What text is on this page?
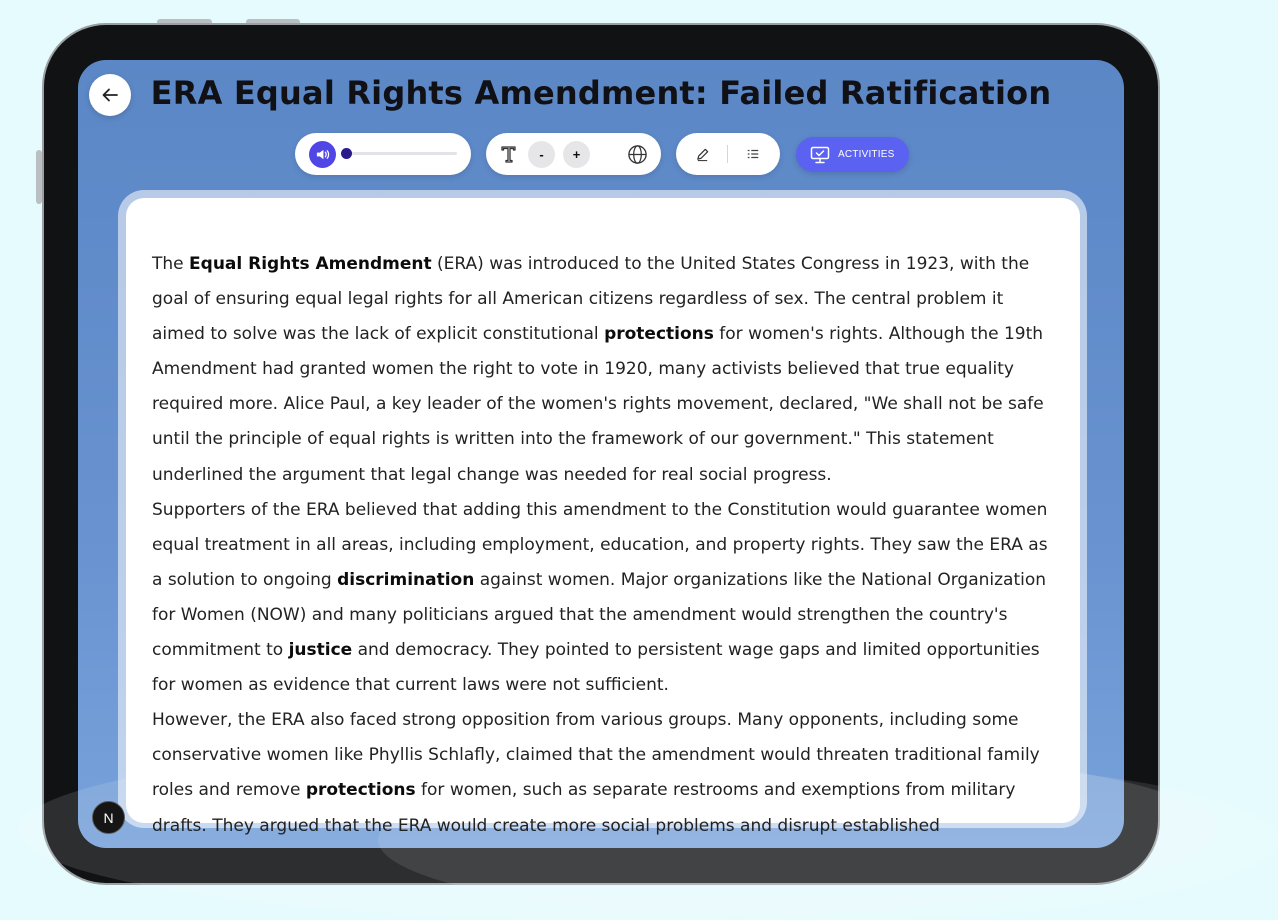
ERA Equal Rights Amendment: Failed Ratification
-	+	ACTIVITIES

The Equal Rights Amendment (ERA) was introduced to the United States Congress in 1923, with the goal of ensuring equal legal rights for all American citizens regardless of sex. The central problem it aimed to solve was the lack of explicit constitutional protections for women's rights. Although the 19th Amendment had granted women the right to vote in 1920, many activists believed that true equality required more. Alice Paul, a key leader of the women's rights movement, declared, "We shall not be safe until the principle of equal rights is written into the framework of our government." This statement underlined the argument that legal change was needed for real social progress.

Supporters of the ERA believed that adding this amendment to the Constitution would guarantee women equal treatment in all areas, including employment, education, and property rights. They saw the ERA as a solution to ongoing discrimination against women. Major organizations like the National Organization for Women (NOW) and many politicians argued that the amendment would strengthen the country's commitment to justice and democracy. They pointed to persistent wage gaps and limited opportunities for women as evidence that current laws were not sufficient.

However, the ERA also faced strong opposition from various groups. Many opponents, including some conservative women like Phyllis Schlafly, claimed that the amendment would threaten traditional family roles and remove protections for women, such as separate restrooms and exemptions from military drafts. They argued that the ERA would create more social problems and disrupt established

N
